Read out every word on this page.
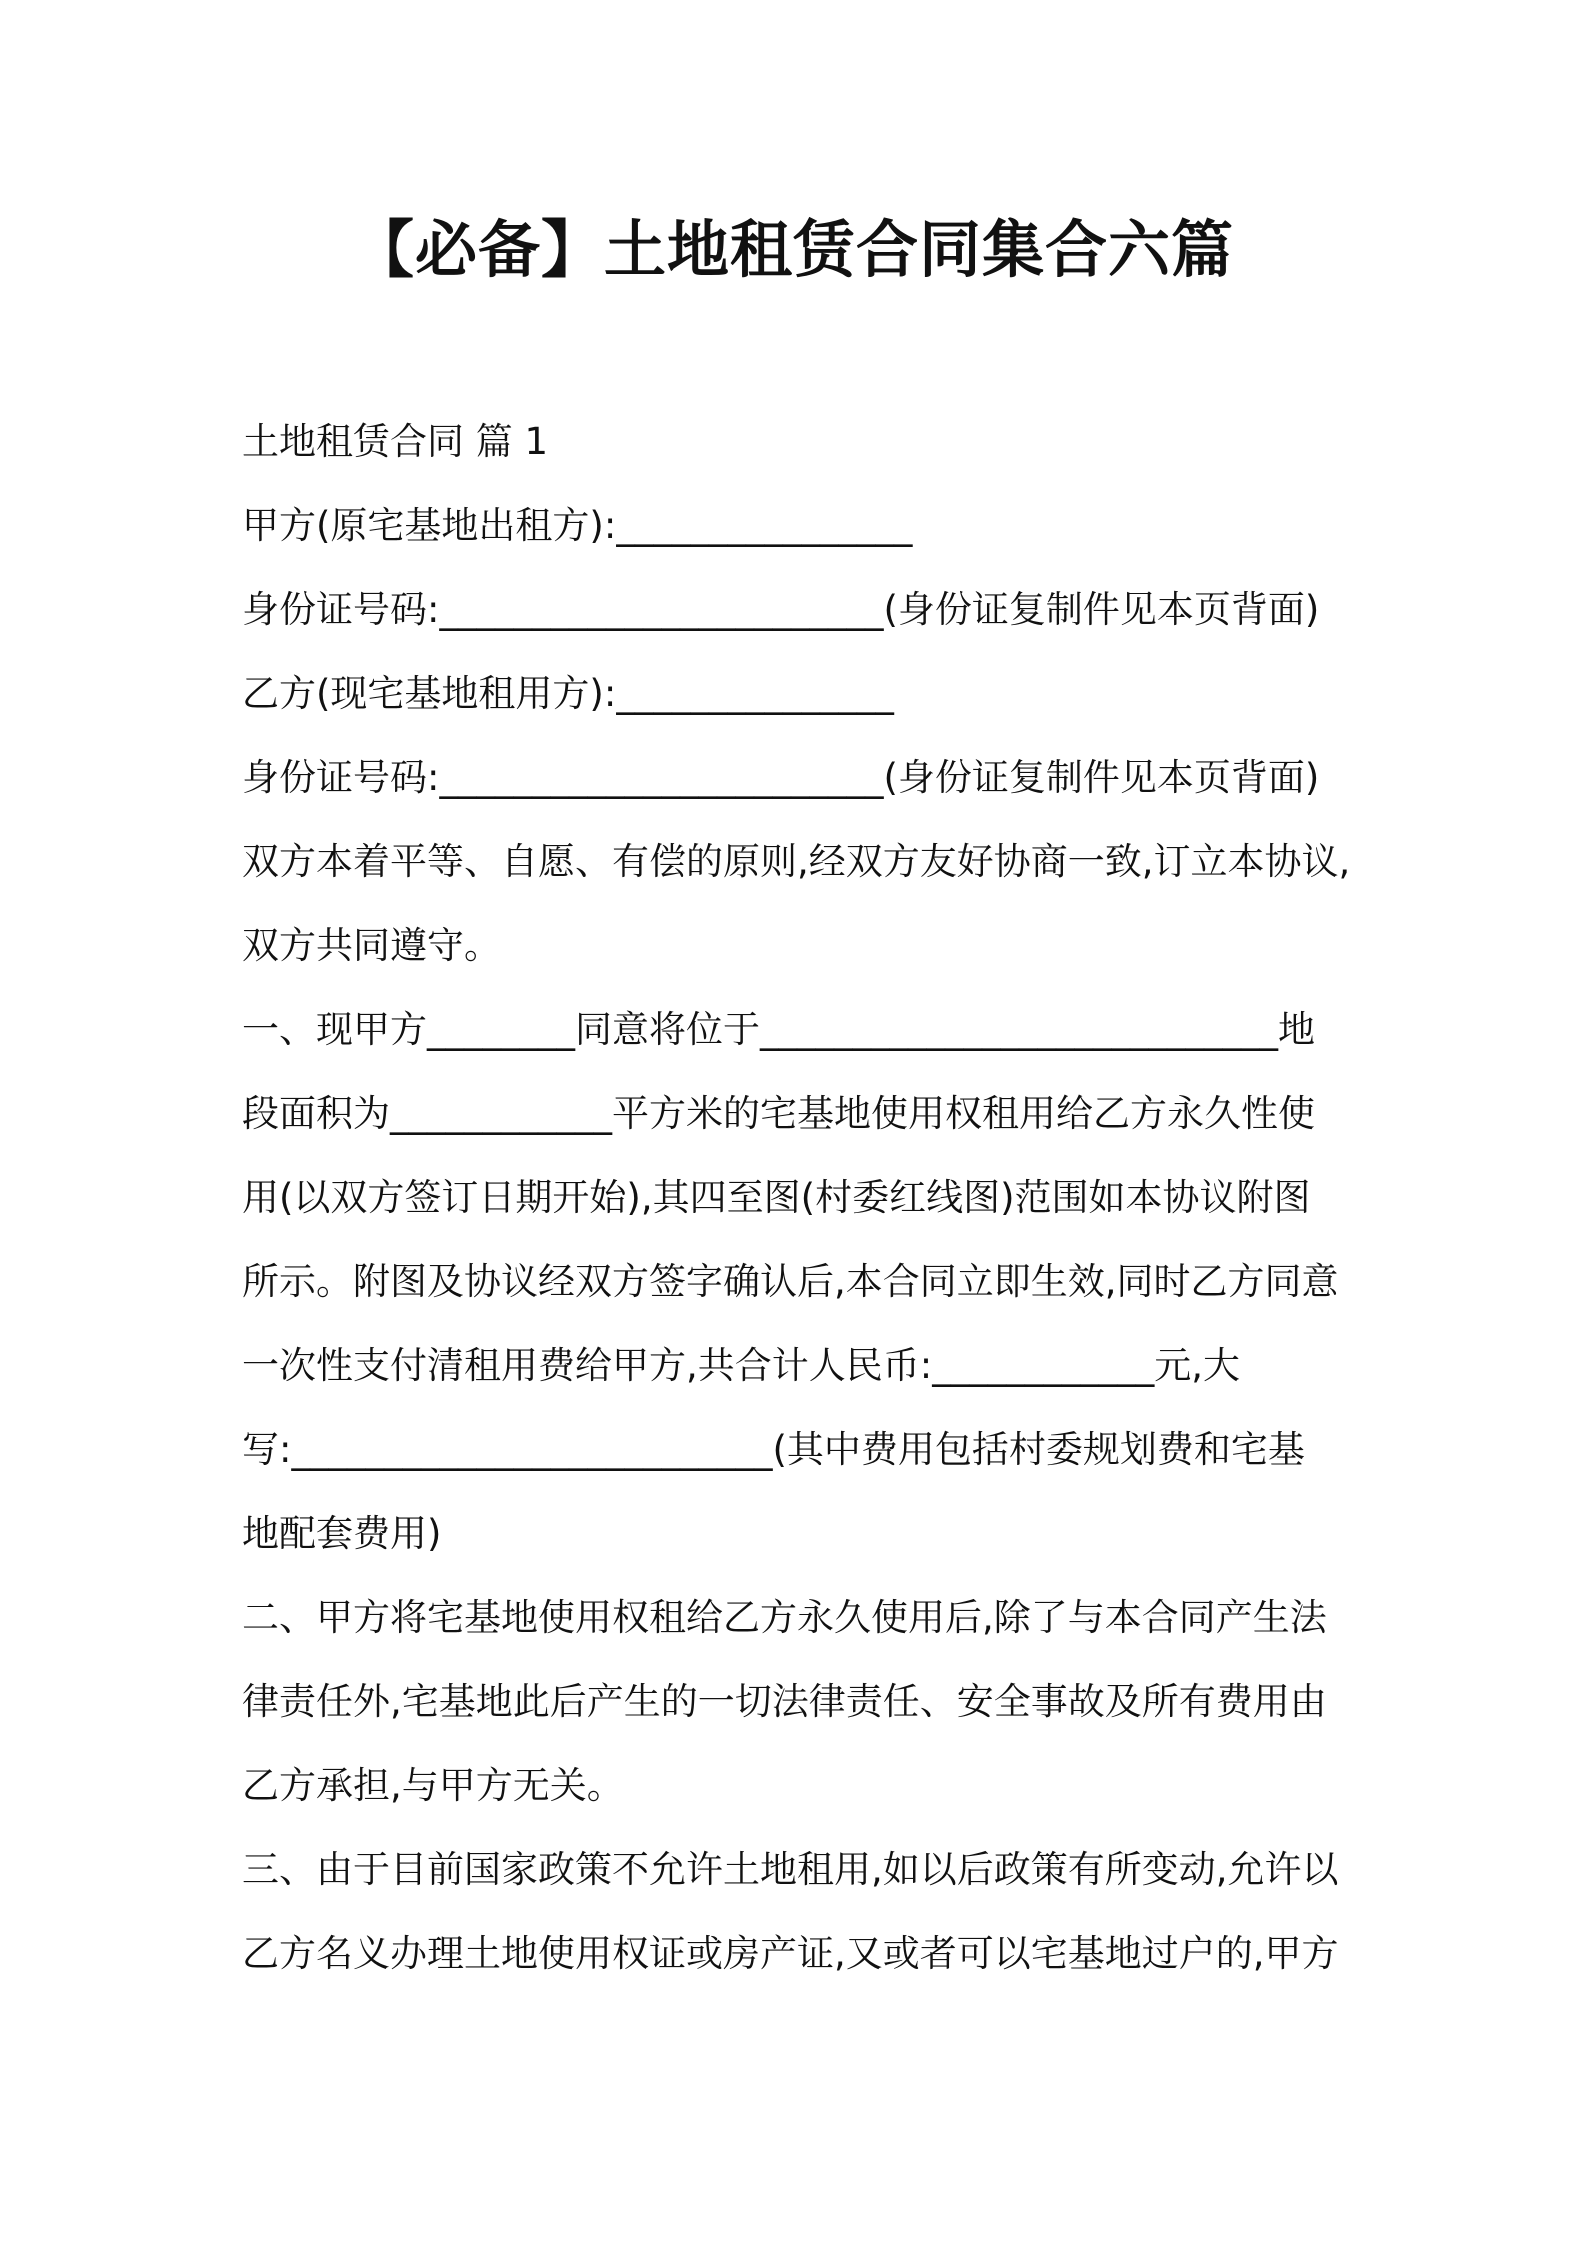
【必备】土地租赁合同集合六篇
土地租赁合同 篇 1
甲方(原宅基地出租方):________________
身份证号码:________________________(身份证复制件见本页背面)
乙方(现宅基地租用方):_______________
身份证号码:________________________(身份证复制件见本页背面)
双方本着平等、自愿、有偿的原则,经双方友好协商一致,订立本协议,
双方共同遵守。
一、现甲方________同意将位于____________________________地
段面积为____________平方米的宅基地使用权租用给乙方永久性使
用(以双方签订日期开始),其四至图(村委红线图)范围如本协议附图
所示。附图及协议经双方签字确认后,本合同立即生效,同时乙方同意
一次性支付清租用费给甲方,共合计人民币:____________元,大
写:__________________________(其中费用包括村委规划费和宅基
地配套费用)
二、甲方将宅基地使用权租给乙方永久使用后,除了与本合同产生法
律责任外,宅基地此后产生的一切法律责任、安全事故及所有费用由
乙方承担,与甲方无关。
三、由于目前国家政策不允许土地租用,如以后政策有所变动,允许以
乙方名义办理土地使用权证或房产证,又或者可以宅基地过户的,甲方
